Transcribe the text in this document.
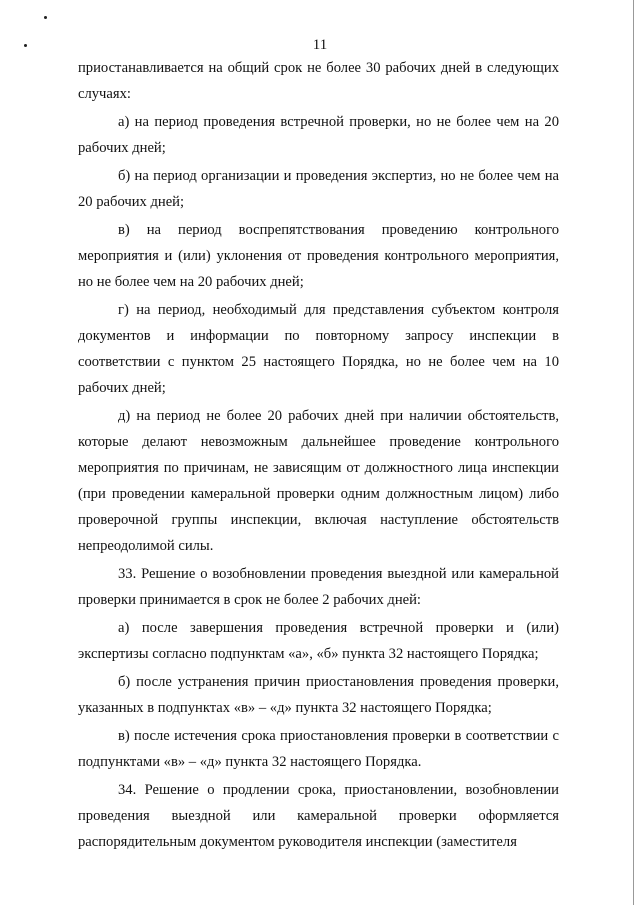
11

приостанавливается на общий срок не более 30 рабочих дней в следующих случаях:

а) на период проведения встречной проверки, но не более чем на 20 рабочих дней;

б) на период организации и проведения экспертиз, но не более чем на 20 рабочих дней;

в) на период воспрепятствования проведению контрольного мероприятия и (или) уклонения от проведения контрольного мероприятия, но не более чем на 20 рабочих дней;

г) на период, необходимый для представления субъектом контроля документов и информации по повторному запросу инспекции в соответствии с пунктом 25 настоящего Порядка, но не более чем на 10 рабочих дней;

д) на период не более 20 рабочих дней при наличии обстоятельств, которые делают невозможным дальнейшее проведение контрольного мероприятия по причинам, не зависящим от должностного лица инспекции (при проведении камеральной проверки одним должностным лицом) либо проверочной группы инспекции, включая наступление обстоятельств непреодолимой силы.

33. Решение о возобновлении проведения выездной или камеральной проверки принимается в срок не более 2 рабочих дней:

а) после завершения проведения встречной проверки и (или) экспертизы согласно подпунктам «а», «б» пункта 32 настоящего Порядка;

б) после устранения причин приостановления проведения проверки, указанных в подпунктах «в» – «д» пункта 32 настоящего Порядка;

в) после истечения срока приостановления проверки в соответствии с подпунктами «в» – «д» пункта 32 настоящего Порядка.

34. Решение о продлении срока, приостановлении, возобновлении проведения выездной или камеральной проверки оформляется распорядительным документом руководителя инспекции (заместителя
